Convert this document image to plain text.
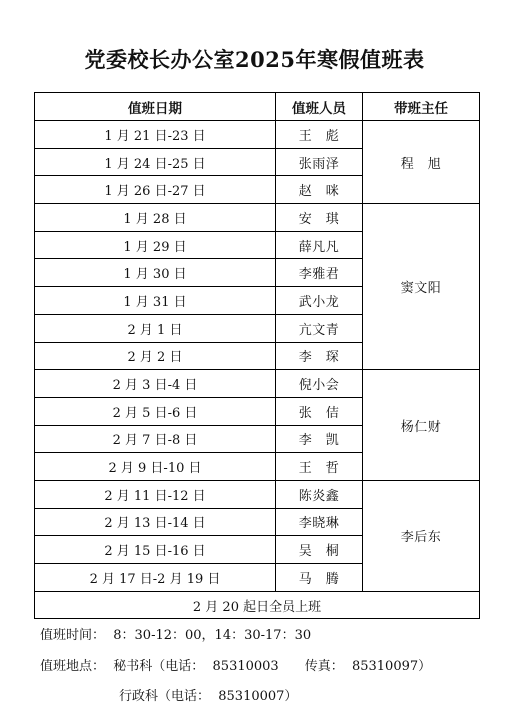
党委校长办公室2025年寒假值班表
值班日期	值班人员	带班主任
1 月 21 日-23 日	王　彪	程　旭
1 月 24 日-25 日	张雨泽	
1 月 26 日-27 日	赵　咪	
1 月 28 日	安　琪	窦文阳
1 月 29 日	薛凡凡	
1 月 30 日	李雅君	
1 月 31 日	武小龙	
2 月 1 日	亢文青	
2 月 2 日	李　琛	
2 月 3 日-4 日	倪小会	杨仁财
2 月 5 日-6 日	张　佶	
2 月 7 日-8 日	李　凯	
2 月 9 日-10 日	王　哲	
2 月 11 日-12 日	陈炎鑫	李后东
2 月 13 日-14 日	李晓琳	
2 月 15 日-16 日	吴　桐	
2 月 17 日-2 月 19 日	马　腾	
2 月 20 起日全员上班		
值班时间：  8：30-12：00，14：30-17：30
值班地点：  秘书科（电话：  85310003　　传真：  85310097）
行政科（电话：  85310007）
